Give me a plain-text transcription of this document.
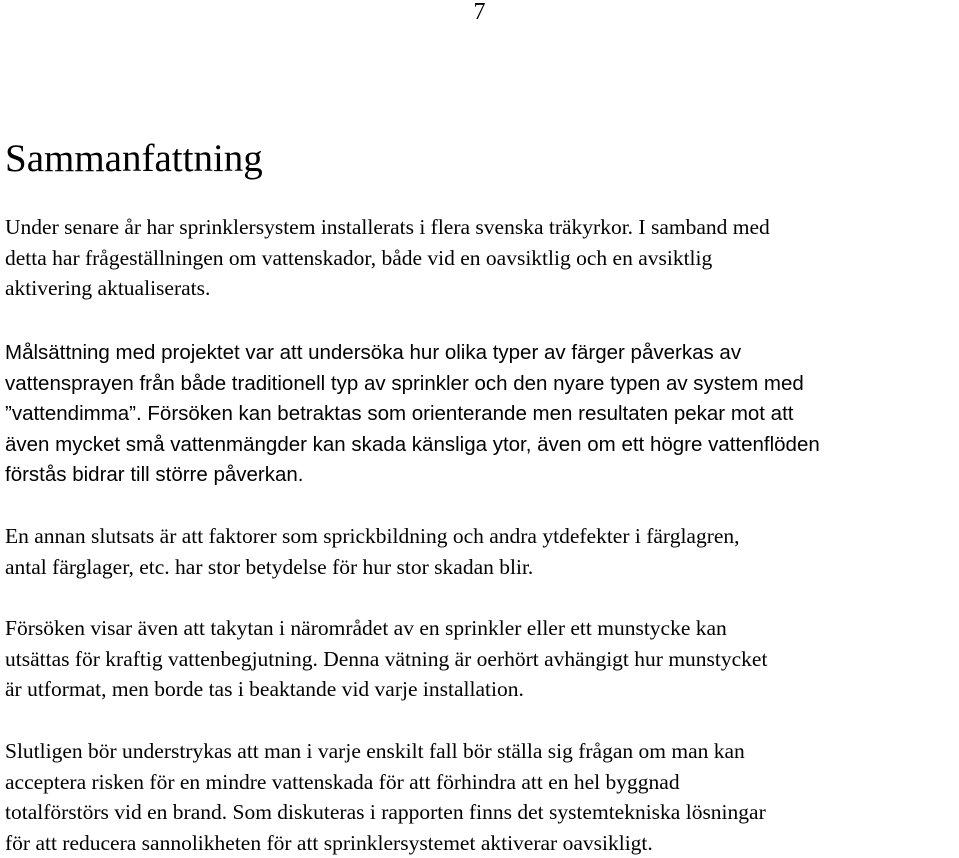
7
Sammanfattning

Under senare år har sprinklersystem installerats i flera svenska träkyrkor. I samband med
detta har frågeställningen om vattenskador, både vid en oavsiktlig och en avsiktlig
aktivering aktualiserats.

Målsättning med projektet var att undersöka hur olika typer av färger påverkas av
vattensprayen från både traditionell typ av sprinkler och den nyare typen av system med
”vattendimma”. Försöken kan betraktas som orienterande men resultaten pekar mot att
även mycket små vattenmängder kan skada känsliga ytor, även om ett högre vattenflöden
förstås bidrar till större påverkan.

En annan slutsats är att faktorer som sprickbildning och andra ytdefekter i färglagren,
antal färglager, etc. har stor betydelse för hur stor skadan blir.

Försöken visar även att takytan i närområdet av en sprinkler eller ett munstycke kan
utsättas för kraftig vattenbegjutning. Denna vätning är oerhört avhängigt hur munstycket
är utformat, men borde tas i beaktande vid varje installation.

Slutligen bör understrykas att man i varje enskilt fall bör ställa sig frågan om man kan
acceptera risken för en mindre vattenskada för att förhindra att en hel byggnad
totalförstörs vid en brand. Som diskuteras i rapporten finns det systemtekniska lösningar
för att reducera sannolikheten för att sprinklersystemet aktiverar oavsikligt.
